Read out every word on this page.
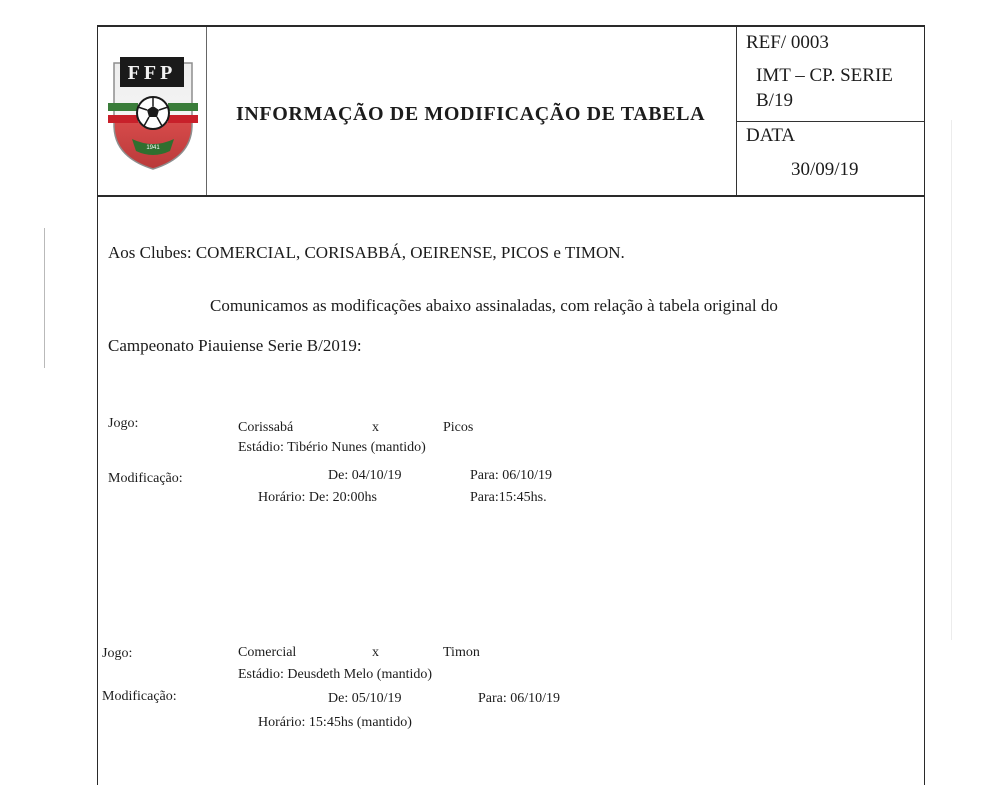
FFP
1941
INFORMAÇÃO DE MODIFICAÇÃO DE TABELA
REF/ 0003
IMT – CP. SERIE
B/19
DATA
30/09/19
Aos Clubes: COMERCIAL, CORISABBÁ, OEIRENSE, PICOS e TIMON.
Comunicamos as modificações abaixo assinaladas, com relação à tabela original do
Campeonato Piauiense Serie B/2019:
Jogo:	Corissabá	x	Picos
Estádio: Tibério Nunes (mantido)
Modificação:	De: 04/10/19	Para: 06/10/19
Horário: De: 20:00hs	Para:15:45hs.
Jogo:	Comercial	x	Timon
Estádio: Deusdeth Melo (mantido)
Modificação:	De: 05/10/19	Para: 06/10/19
Horário: 15:45hs (mantido)
